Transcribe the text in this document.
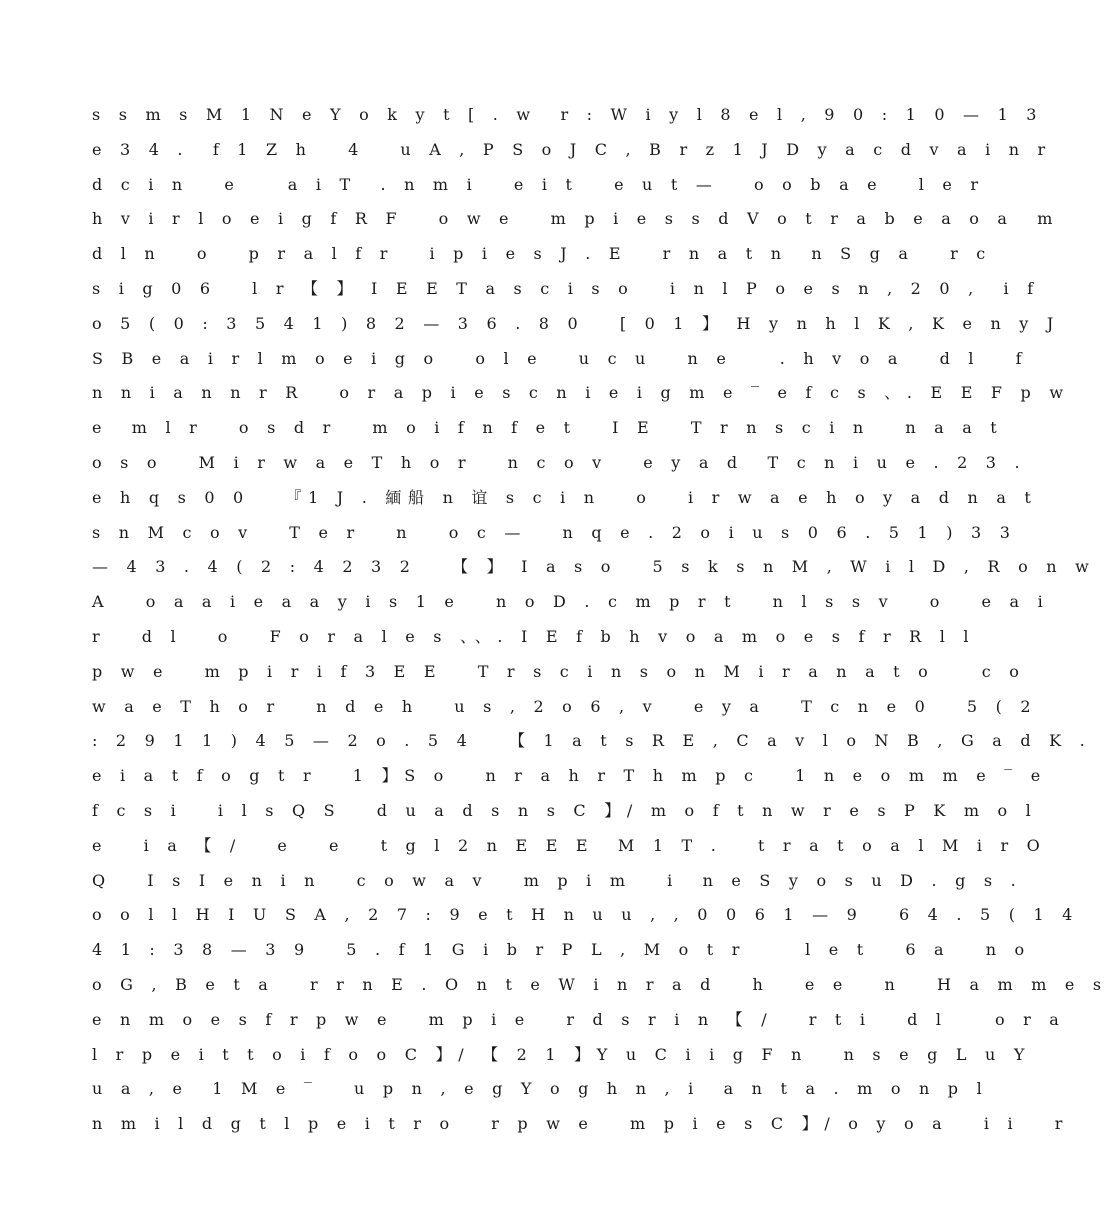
s s m s M 1 N e Y o k y t [ . w  r : W i y l 8 e l , 9 0 : 1 0 — 1 3
e 3 4 .  f 1 Z h   4   u A , P S o J C , B r z 1 J D y a c d v a i n r
d c i n   e    a i T  . n m i   e i t   e u t —   o o b a e   l e r
h v i r l o e i g f R F   o w e   m p i e s s d V o t r a b e a o a  m
d l n   o   p r a l f r   i p i e s J . E   r n a t n  n S g a   r c
s i g 0 6   l r 【 】 I E E T a s c i s o   i n l P o e s n , 2 0 ,  i f
o 5 ( 0 : 3 5 4 1 ) 8 2 — 3 6 . 8 0   [ 0 1 】 H y n h l K , K e n y J
S B e a i r l m o e i g o   o l e   u c u   n e    . h v o a   d l   f
n n i a n n r R   o r a p i e s c n i e i g m e ‾ e f c s 、. E E F p w
e  m l r   o s d r   m o i f n f e t   I E   T r n s c i n   n a a t
o s o   M i r w a e T h o r   n c o v   e y a d  T c n i u e . 2 3 .
e h q s 0 0   『1 J . 緬船 n 谊 s c i n   o   i r w a e h o y a d n a t
s n M c o v   T e r   n   o c —   n q e . 2 o i u s 0 6 . 5 1 ) 3 3
— 4 3 . 4 ( 2 : 4 2 3 2   【 】 I a s o   5 s k s n M , W i l D , R o n w
A   o a a i e a a y i s 1 e   n o D . c m p r t   n l s s v   o   e a i
r   d l   o   F o r a l e s 、、. I E f b h v o a m o e s f r R l l
p w e   m p i r i f 3 E E   T r s c i n s o n M i r a n a t o    c o
w a e T h o r   n d e h   u s , 2 o 6 , v   e y a   T c n e 0   5 ( 2
: 2 9 1 1 ) 4 5 — 2 o . 5 4   【 1 a t s R E , C a v l o N B , G a d K .
e i a t f o g t r   1 】S o   n r a h r T h m p c   1 n e o m m e ‾ e
f c s i   i l s Q S   d u a d s n s C 】/ m o f t n w r e s P K m o l
e   i a 【 /   e   e   t g l 2 n E E E  M 1 T .   t r a t o a l M i r O
Q   I s I e n i n   c o w a v   m p i m   i  n e S y o s u D . g s .
o o l l H I U S A , 2 7 : 9 e t H n u u , , 0 0 6 1 — 9   6 4 . 5 ( 1 4
4 1 : 3 8 — 3 9   5 . f 1 G i b r P L , M o t r     l e t   6 a   n o
o G , B e t a   r r n E . O n t e W i n r a d   h   e e   n   H a m m e s
e n m o e s f r p w e   m p i e   r d s r i n 【 /   r t i   d l    o r a
l r p e i t t o i f o o C 】/ 【 2 1 】Y u C i i g F n   n s e g L u Y
u a , e  1 M e ‾   u p n , e g Y o g h n , i  a n t a . m o n p l
n m i l d g t l p e i t r o   r p w e   m p i e s C 】/ o y o a   i i   r
